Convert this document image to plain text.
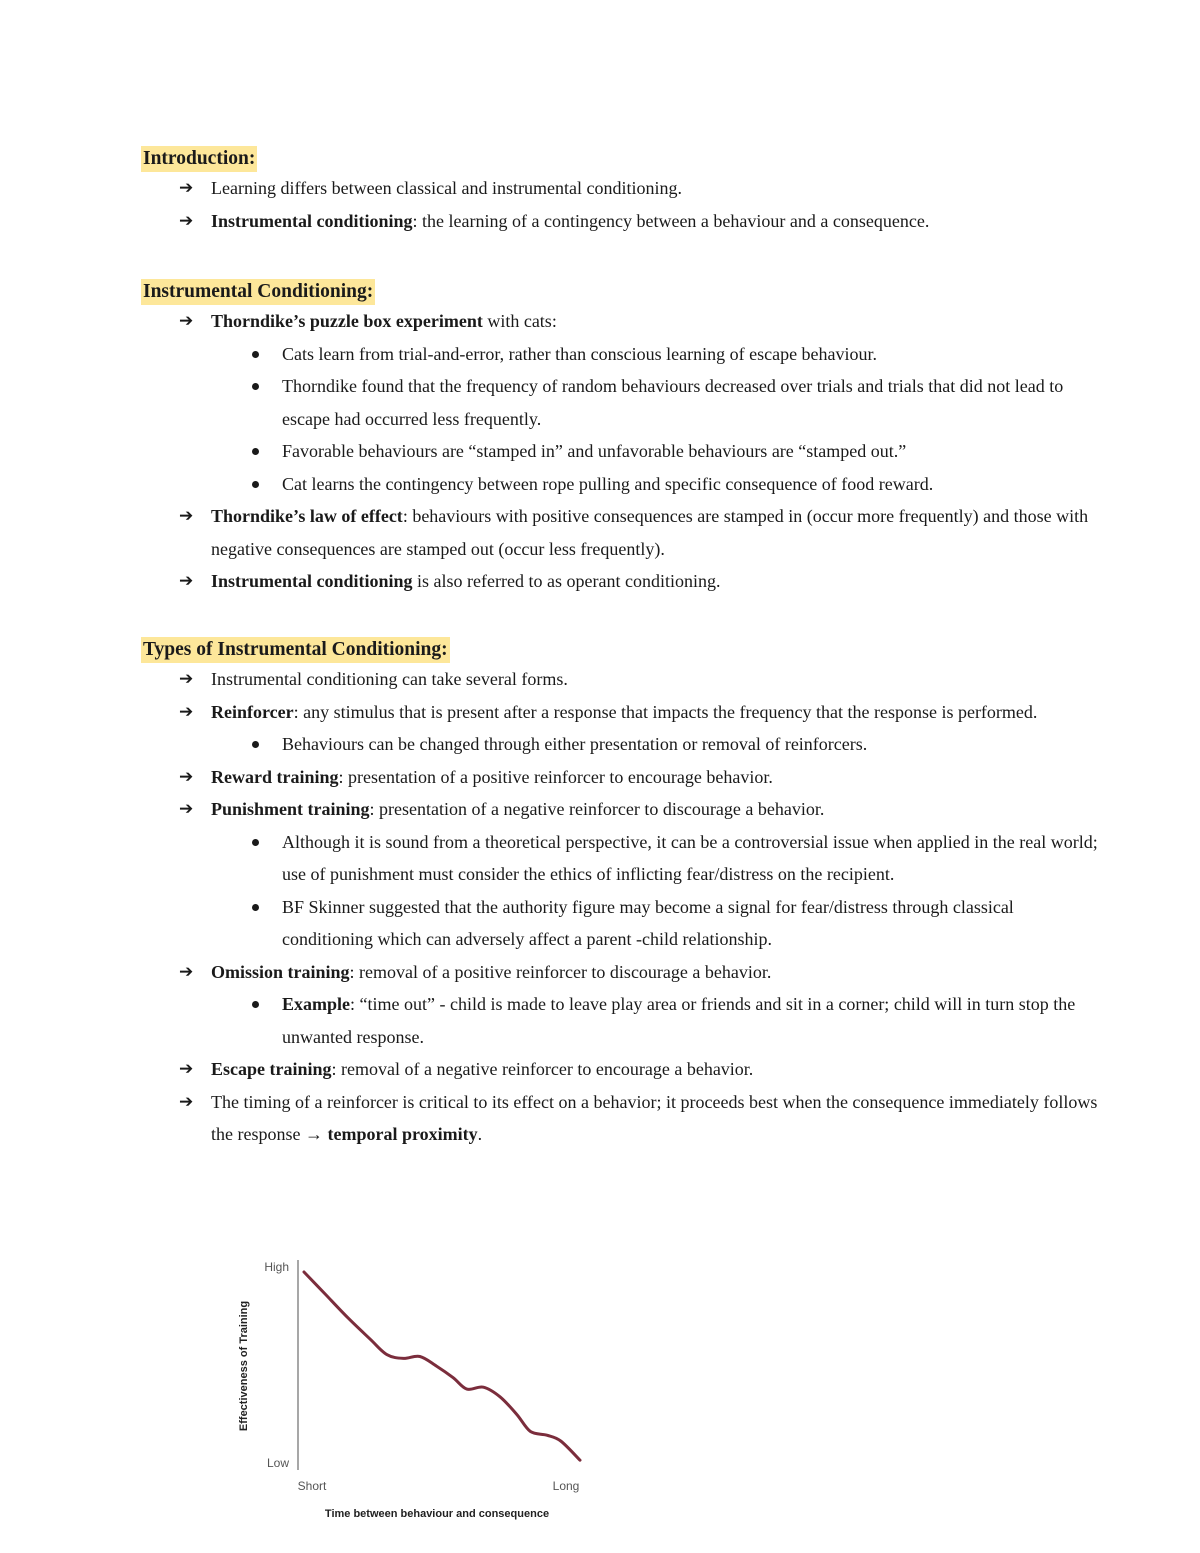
Introduction:
➔ Learning differs between classical and instrumental conditioning.
➔ Instrumental conditioning: the learning of a contingency between a behaviour and a consequence.
Instrumental Conditioning:
➔ Thorndike’s puzzle box experiment with cats:
Cats learn from trial-and-error, rather than conscious learning of escape behaviour.
Thorndike found that the frequency of random behaviours decreased over trials and trials that did not lead to escape had occurred less frequently.
Favorable behaviours are “stamped in” and unfavorable behaviours are “stamped out.”
Cat learns the contingency between rope pulling and specific consequence of food reward.
➔ Thorndike’s law of effect: behaviours with positive consequences are stamped in (occur more frequently) and those with negative consequences are stamped out (occur less frequently).
➔ Instrumental conditioning is also referred to as operant conditioning.
Types of Instrumental Conditioning:
➔ Instrumental conditioning can take several forms.
➔ Reinforcer: any stimulus that is present after a response that impacts the frequency that the response is performed.
Behaviours can be changed through either presentation or removal of reinforcers.
➔ Reward training: presentation of a positive reinforcer to encourage behavior.
➔ Punishment training: presentation of a negative reinforcer to discourage a behavior.
Although it is sound from a theoretical perspective, it can be a controversial issue when applied in the real world; use of punishment must consider the ethics of inflicting fear/distress on the recipient.
BF Skinner suggested that the authority figure may become a signal for fear/distress through classical conditioning which can adversely affect a parent -child relationship.
➔ Omission training: removal of a positive reinforcer to discourage a behavior.
Example: “time out” - child is made to leave play area or friends and sit in a corner; child will in turn stop the unwanted response.
➔ Escape training: removal of a negative reinforcer to encourage a behavior.
➔ The timing of a reinforcer is critical to its effect on a behavior; it proceeds best when the consequence immediately follows the response → temporal proximity.
High
Low
Short	Long
Effectiveness of Training
Time between behaviour and consequence
